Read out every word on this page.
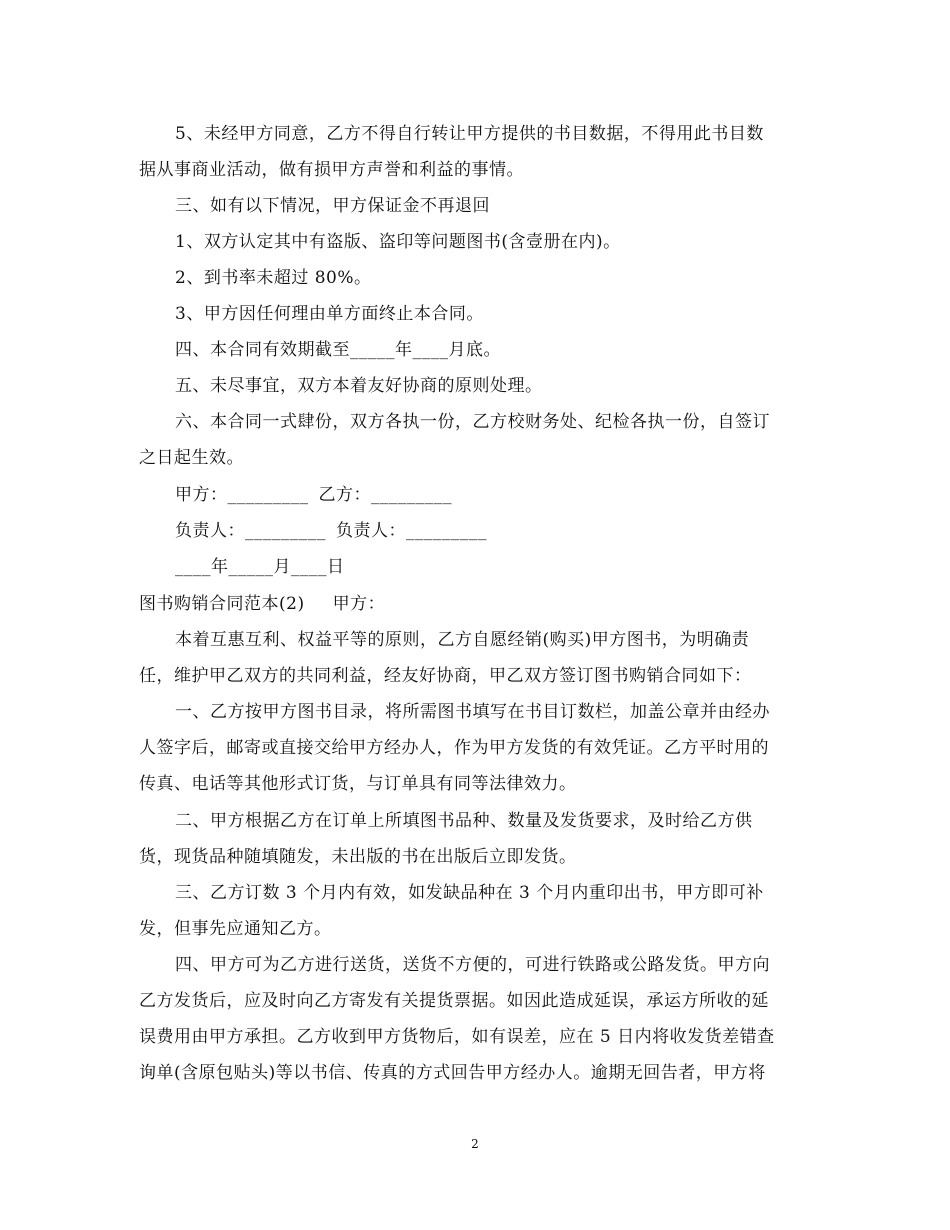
5、未经甲方同意，乙方不得自行转让甲方提供的书目数据，不得用此书目数
据从事商业活动，做有损甲方声誉和利益的事情。
三、如有以下情况，甲方保证金不再退回
1、双方认定其中有盗版、盗印等问题图书(含壹册在内)。
2、到书率未超过 80%。
3、甲方因任何理由单方面终止本合同。
四、本合同有效期截至_____年____月底。
五、未尽事宜，双方本着友好协商的原则处理。
六、本合同一式肆份，双方各执一份，乙方校财务处、纪检各执一份，自签订
之日起生效。
甲方：_________ 乙方：_________
负责人：_________ 负责人：_________
____年_____月____日
图书购销合同范本(2) 甲方：
本着互惠互利、权益平等的原则，乙方自愿经销(购买)甲方图书，为明确责
任，维护甲乙双方的共同利益，经友好协商，甲乙双方签订图书购销合同如下：
一、乙方按甲方图书目录，将所需图书填写在书目订数栏，加盖公章并由经办
人签字后，邮寄或直接交给甲方经办人，作为甲方发货的有效凭证。乙方平时用的
传真、电话等其他形式订货，与订单具有同等法律效力。
二、甲方根据乙方在订单上所填图书品种、数量及发货要求，及时给乙方供
货，现货品种随填随发，未出版的书在出版后立即发货。
三、乙方订数 3 个月内有效，如发缺品种在 3 个月内重印出书，甲方即可补
发，但事先应通知乙方。
四、甲方可为乙方进行送货，送货不方便的，可进行铁路或公路发货。甲方向
乙方发货后，应及时向乙方寄发有关提货票据。如因此造成延误，承运方所收的延
误费用由甲方承担。乙方收到甲方货物后，如有误差，应在 5 日内将收发货差错查
询单(含原包贴头)等以书信、传真的方式回告甲方经办人。逾期无回告者，甲方将
2
